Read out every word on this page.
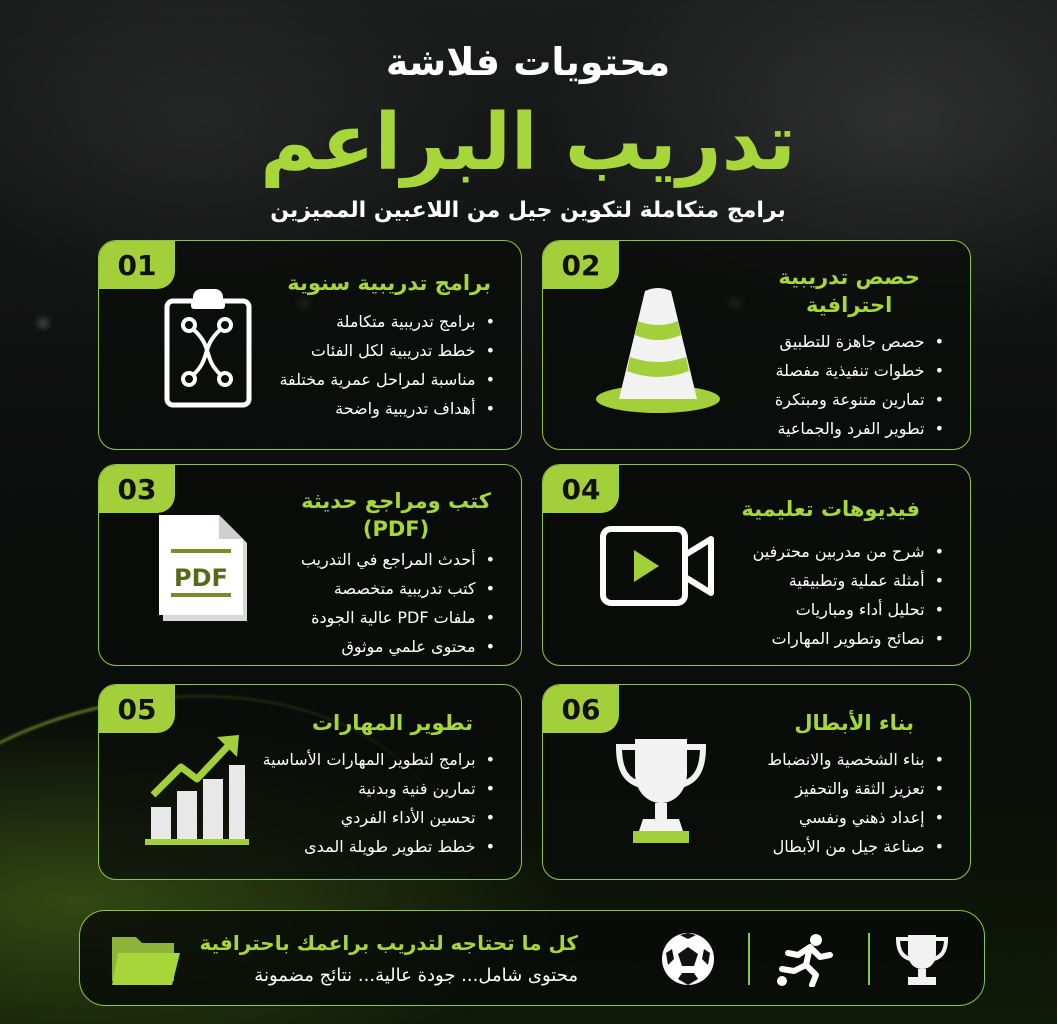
محتويات فلاشة
تدريب البراعم
برامج متكاملة لتكوين جيل من اللاعبين المميزين
01
برامج تدريبية سنوية
• برامج تدريبية متكاملة
• خطط تدريبية لكل الفئات
• مناسبة لمراحل عمرية مختلفة
• أهداف تدريبية واضحة
02	حصص تدريبية
احترافية
• حصص جاهزة للتطبيق
• خطوات تنفيذية مفصلة
• تمارين متنوعة ومبتكرة
• تطوير الفرد والجماعية
03	كتب ومراجع حديثة
(PDF)
• أحدث المراجع في التدريب
• كتب تدريبية متخصصة
• ملفات PDF عالية الجودة
• محتوى علمي موثوق
PDF
04
فيديوهات تعليمية
• شرح من مدربين محترفين
• أمثلة عملية وتطبيقية
• تحليل أداء ومباريات
• نصائح وتطوير المهارات
05	تطوير المهارات
• برامج لتطوير المهارات الأساسية
• تمارين فنية وبدنية
• تحسين الأداء الفردي
• خطط تطوير طويلة المدى
06	بناء الأبطال
• بناء الشخصية والانضباط
• تعزيز الثقة والتحفيز
• إعداد ذهني ونفسي
• صناعة جيل من الأبطال
كل ما تحتاجه لتدريب براعمك باحترافية
محتوى شامل... جودة عالية... نتائج مضمونة
